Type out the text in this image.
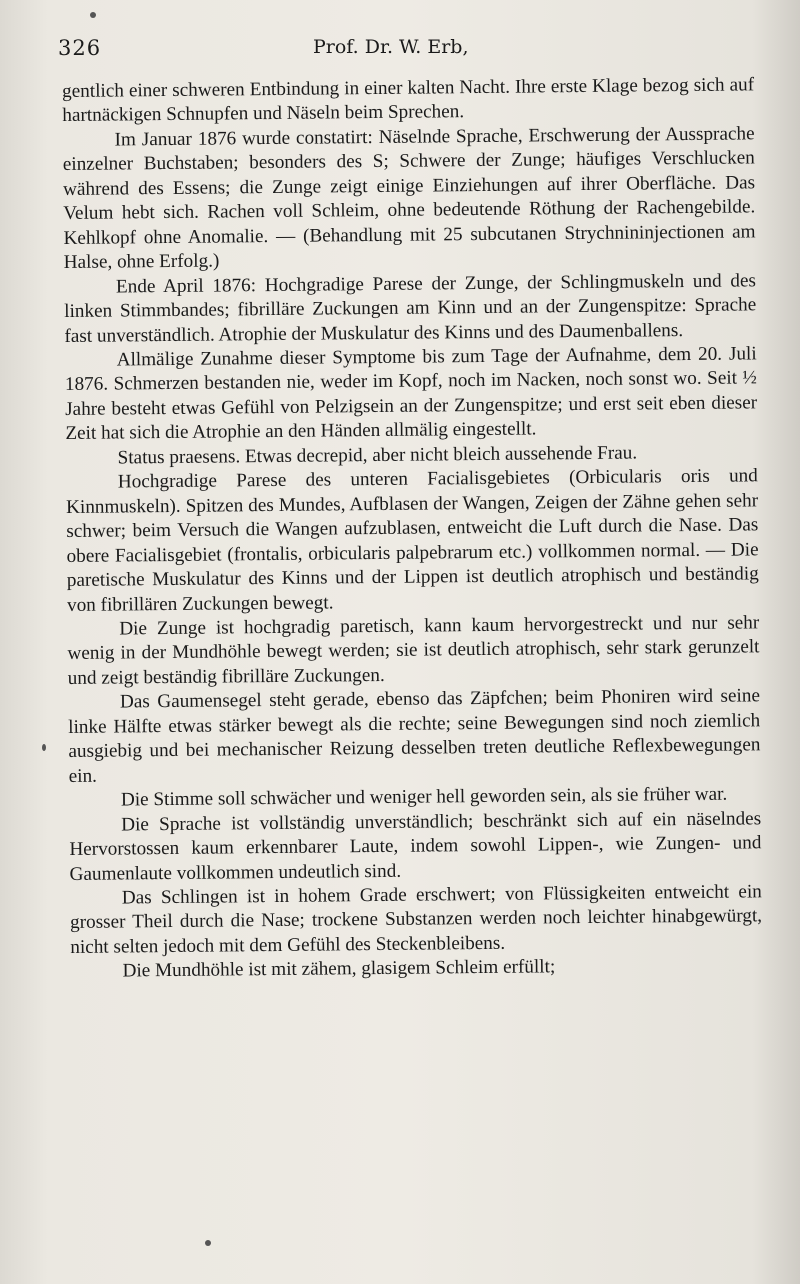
326	Prof. Dr. W. Erb,

gentlich einer schweren Entbindung in einer kalten Nacht. Ihre erste Klage bezog sich auf hartnäckigen Schnupfen und Näseln beim Sprechen.

Im Januar 1876 wurde constatirt: Näselnde Sprache, Erschwerung der Aussprache einzelner Buchstaben; besonders des S; Schwere der Zunge; häufiges Verschlucken während des Essens; die Zunge zeigt einige Einziehungen auf ihrer Oberfläche. Das Velum hebt sich. Rachen voll Schleim, ohne bedeutende Röthung der Rachengebilde. Kehlkopf ohne Anomalie. — (Behandlung mit 25 subcutanen Strychnininjectionen am Halse, ohne Erfolg.)

Ende April 1876: Hochgradige Parese der Zunge, der Schlingmuskeln und des linken Stimmbandes; fibrilläre Zuckungen am Kinn und an der Zungenspitze: Sprache fast unverständlich. Atrophie der Muskulatur des Kinns und des Daumenballens.

Allmälige Zunahme dieser Symptome bis zum Tage der Aufnahme, dem 20. Juli 1876. Schmerzen bestanden nie, weder im Kopf, noch im Nacken, noch sonst wo. Seit ½ Jahre besteht etwas Gefühl von Pelzigsein an der Zungenspitze; und erst seit eben dieser Zeit hat sich die Atrophie an den Händen allmälig eingestellt.

Status praesens. Etwas decrepid, aber nicht bleich aussehende Frau.

Hochgradige Parese des unteren Facialisgebietes (Orbicularis oris und Kinnmuskeln). Spitzen des Mundes, Aufblasen der Wangen, Zeigen der Zähne gehen sehr schwer; beim Versuch die Wangen aufzublasen, entweicht die Luft durch die Nase. Das obere Facialisgebiet (frontalis, orbicularis palpebrarum etc.) vollkommen normal. — Die paretische Muskulatur des Kinns und der Lippen ist deutlich atrophisch und beständig von fibrillären Zuckungen bewegt.

Die Zunge ist hochgradig paretisch, kann kaum hervorgestreckt und nur sehr wenig in der Mundhöhle bewegt werden; sie ist deutlich atrophisch, sehr stark gerunzelt und zeigt beständig fibrilläre Zuckungen.

Das Gaumensegel steht gerade, ebenso das Zäpfchen; beim Phoniren wird seine linke Hälfte etwas stärker bewegt als die rechte; seine Bewegungen sind noch ziemlich ausgiebig und bei mechanischer Reizung desselben treten deutliche Reflexbewegungen ein.

Die Stimme soll schwächer und weniger hell geworden sein, als sie früher war.

Die Sprache ist vollständig unverständlich; beschränkt sich auf ein näselndes Hervorstossen kaum erkennbarer Laute, indem sowohl Lippen-, wie Zungen- und Gaumenlaute vollkommen undeutlich sind.

Das Schlingen ist in hohem Grade erschwert; von Flüssigkeiten entweicht ein grosser Theil durch die Nase; trockene Substanzen werden noch leichter hinabgewürgt, nicht selten jedoch mit dem Gefühl des Steckenbleibens.

Die Mundhöhle ist mit zähem, glasigem Schleim erfüllt;
